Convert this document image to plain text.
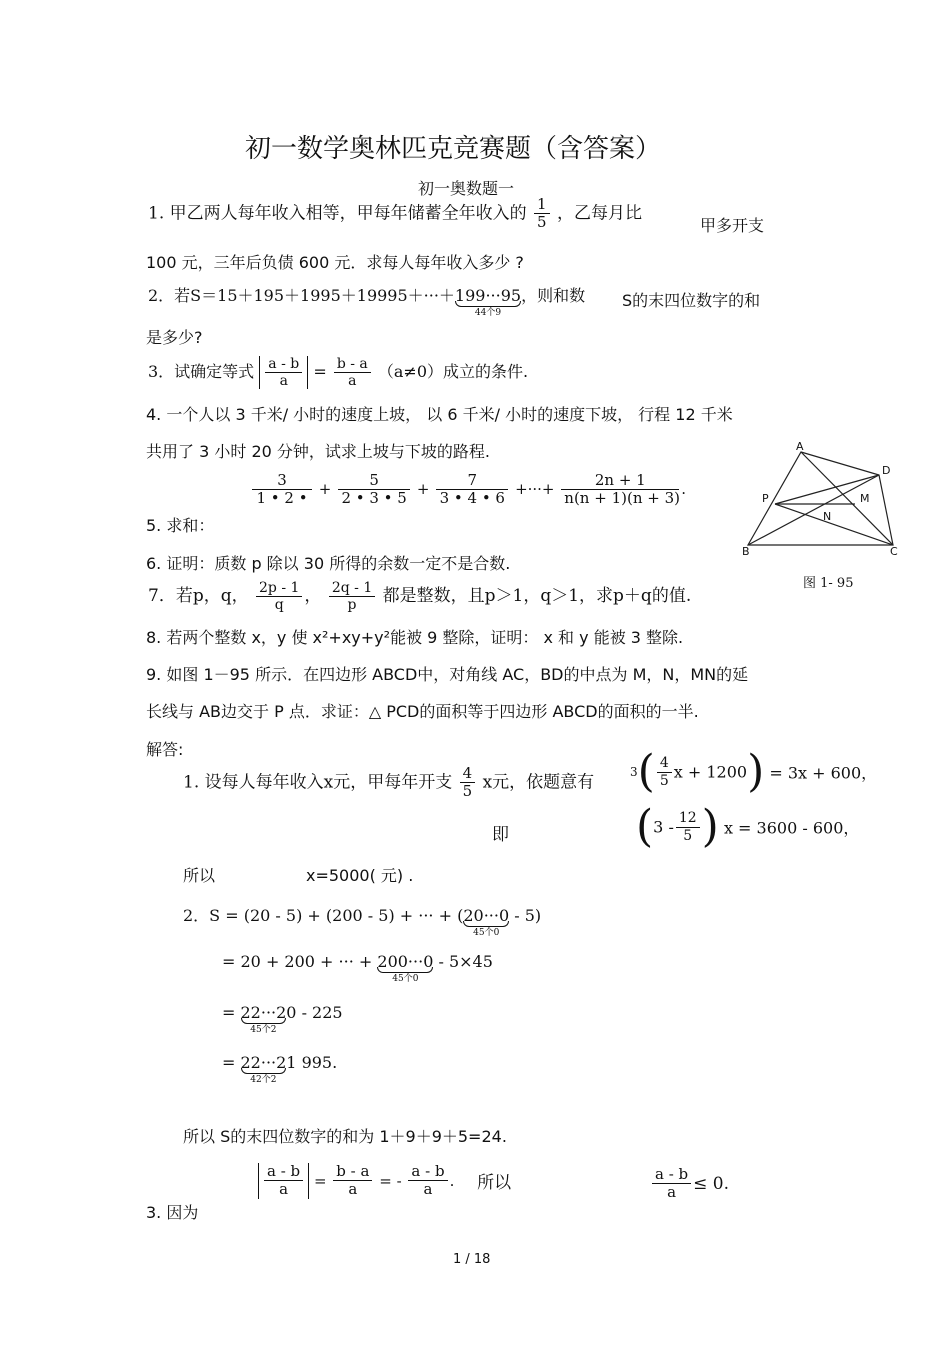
初一数学奥林匹克竞赛题（含答案）
初一奥数题一
1. 甲乙两人每年收入相等，甲每年储蓄全年收入的 $\frac{1}{5}$ ，乙每月比
甲多开支
100 元，三年后负债 600 元．求每人每年收入多少 ?
2．若S＝15＋195＋1995＋19995＋···＋199···95
44个9
，则和数 S的末四位数字的和
是多少?
3．试确定等式 $\frac{a - b}{a} = \frac{b - a}{a} (a\ne 0)$成立的条件.
4. 一个人以 3 千米/ 小时的速度上坡， 以 6 千米/ 小时的速度下坡， 行程 12 千米
共用了 3 小时 20 分钟，试求上坡与下坡的路程.
5. 求和：
$\frac{3}{1 • 2 •} + \frac{5}{2 • 3 • 5} + \frac{7}{3 • 4 • 6}$ +···+ $\frac{2n + 1}{n(n + 1)(n + 3)}$ .
A
D
P	M
N
B	C
图 1- 95
6. 证明：质数 p 除以 30 所得的余数一定不是合数.
7．若p，q， $\frac{2p - 1}{q}$ ， $\frac{2q - 1}{p}$ 都是整数，且p＞1，q＞1，求p＋q的值.
8. 若两个整数 x，y 使 x²+xy+y²能被 9 整除，证明： x 和 y 能被 3 整除.
9. 如图 1－95 所示．在四边形 ABCD中，对角线 AC，BD的中点为 M，N，MN的延
长线与 AB边交于 P 点．求证：△ PCD的面积等于四边形 ABCD的面积的一半.
解答:
1. 设每人每年收入x元，甲每年开支 $\frac{4}{5}$ x元，依题意有
即
$3( \frac{4}{5}$ x + 1200) = 3x + 600，
($3 - \frac{12}{5}$ ) x = 3600 - 600，
所以	x=5000( 元) .
2．S = (20 - 5) + (200 - 5) + ··· + (20···0
45个0
- 5)
= 20 + 200 + ··· + 200···0
45个0
- 5×45
= 22···2
45个2
0 - 225
= 22···2
42个2
1 995.
所以 S的末四位数字的和为 1＋9＋9＋5=24.
3. 因为
$\frac{a - b}{a} = \frac{b - a}{a}$ = - $\frac{a - b}{a}$ . 所以	$\frac{a - b}{a} \le 0$.
1 / 18
